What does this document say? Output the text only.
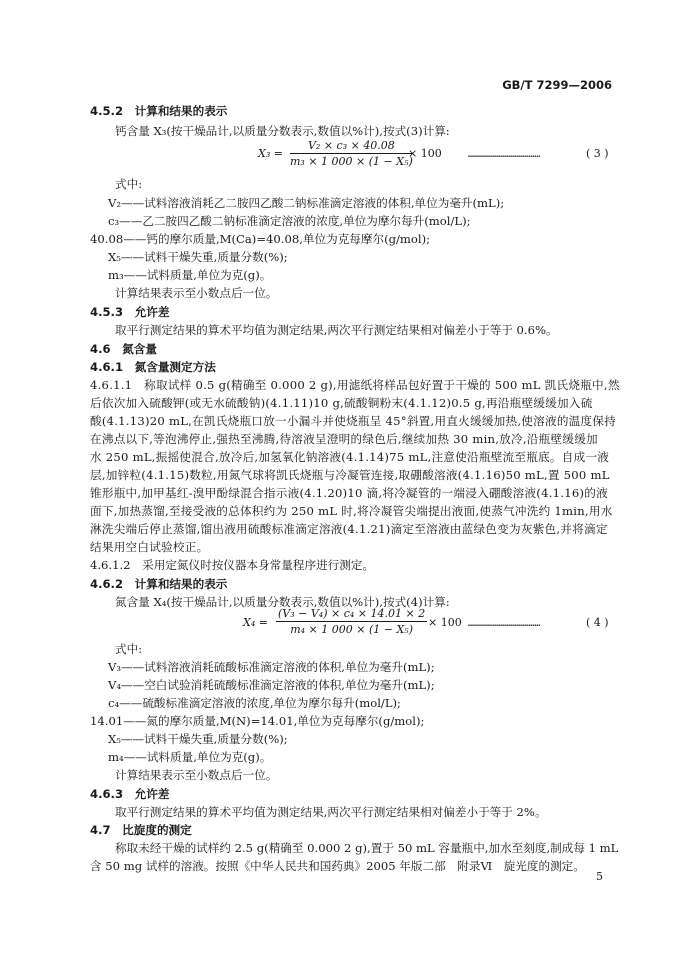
GB/T 7299—2006
4.5.2　 计算和结果的表示
钙含量 X₃(按干燥品计,以质量分数表示,数值以%计),按式(3)计算:
$X_3 = \frac{\text{V₂ × c₃ × 40.08}}{\text{m₃ × 1 000 × (1 − X₅)}}$
× 100	………………………………	( 3 )
式中:
V₂——试料溶液消耗乙二胺四乙酸二钠标准滴定溶液的体积,单位为毫升(mL);
c₃——乙二胺四乙酸二钠标准滴定溶液的浓度,单位为摩尔每升(mol/L);
40.08——钙的摩尔质量,M(Ca)=40.08,单位为克每摩尔(g/mol);
X₅——试料干燥失重,质量分数(%);
m₃——试料质量,单位为克(g)。
计算结果表示至小数点后一位。
4.5.3　 允许差
取平行测定结果的算术平均值为测定结果,两次平行测定结果相对偏差小于等于 0.6%。
4.6　 氮含量
4.6.1　 氮含量测定方法
4.6.1.1　称取试样 0.5 g(精确至 0.000 2 g),用滤纸将样品包好置于干燥的 500 mL 凯氏烧瓶中,然
后依次加入硫酸钾(或无水硫酸钠)(4.1.11)10 g,硫酸铜粉末(4.1.12)0.5 g,再沿瓶壁缓缓加入硫
酸(4.1.13)20 mL,在凯氏烧瓶口放一小漏斗并使烧瓶呈 45°斜置,用直火缓缓加热,使溶液的温度保持
在沸点以下,等泡沸停止,强热至沸腾,待溶液呈澄明的绿色后,继续加热 30 min,放冷,沿瓶壁缓缓加
水 250 mL,振摇使混合,放冷后,加氢氧化钠溶液(4.1.14)75 mL,注意使沿瓶壁流至瓶底。自成一液
层,加锌粒(4.1.15)数粒,用氮气球将凯氏烧瓶与冷凝管连接,取硼酸溶液(4.1.16)50 mL,置 500 mL
锥形瓶中,加甲基红-溴甲酚绿混合指示液(4.1.20)10 滴,将冷凝管的一端浸入硼酸溶液(4.1.16)的液
面下,加热蒸馏,至接受液的总体积约为 250 mL 时,将冷凝管尖端提出液面,使蒸气冲洗约 1min,用水
淋洗尖端后停止蒸馏,馏出液用硫酸标准滴定溶液(4.1.21)滴定至溶液由蓝绿色变为灰紫色,并将滴定
结果用空白试验校正。
4.6.1.2　采用定氮仪时按仪器本身常量程序进行测定。
4.6.2　 计算和结果的表示
氮含量 X₄(按干燥品计,以质量分数表示,数值以%计),按式(4)计算:
$X_4 = \frac{\text{(V₃ − V₄) × c₄ × 14.01 × 2}}{\text{m₄ × 1 000 × (1 − X₅)}} \times 100$ ………………………………	( 4 )
式中:
V₃——试料溶液消耗硫酸标准滴定溶液的体积,单位为毫升(mL);
V₄——空白试验消耗硫酸标准滴定溶液的体积,单位为毫升(mL);
c₄——硫酸标准滴定溶液的浓度,单位为摩尔每升(mol/L);
14.01——氮的摩尔质量,M(N)=14.01,单位为克每摩尔(g/mol);
X₅——试料干燥失重,质量分数(%);
m₄——试料质量,单位为克(g)。
计算结果表示至小数点后一位。
4.6.3　 允许差
取平行测定结果的算术平均值为测定结果,两次平行测定结果相对偏差小于等于 2%。
4.7　 比旋度的测定
称取未经干燥的试样约 2.5 g(精确至 0.000 2 g),置于 50 mL 容量瓶中,加水至刻度,制成每 1 mL
含 50 mg 试样的溶液。按照《中华人民共和国药典》2005 年版二部　附录Ⅵ　旋光度的测定。
5
